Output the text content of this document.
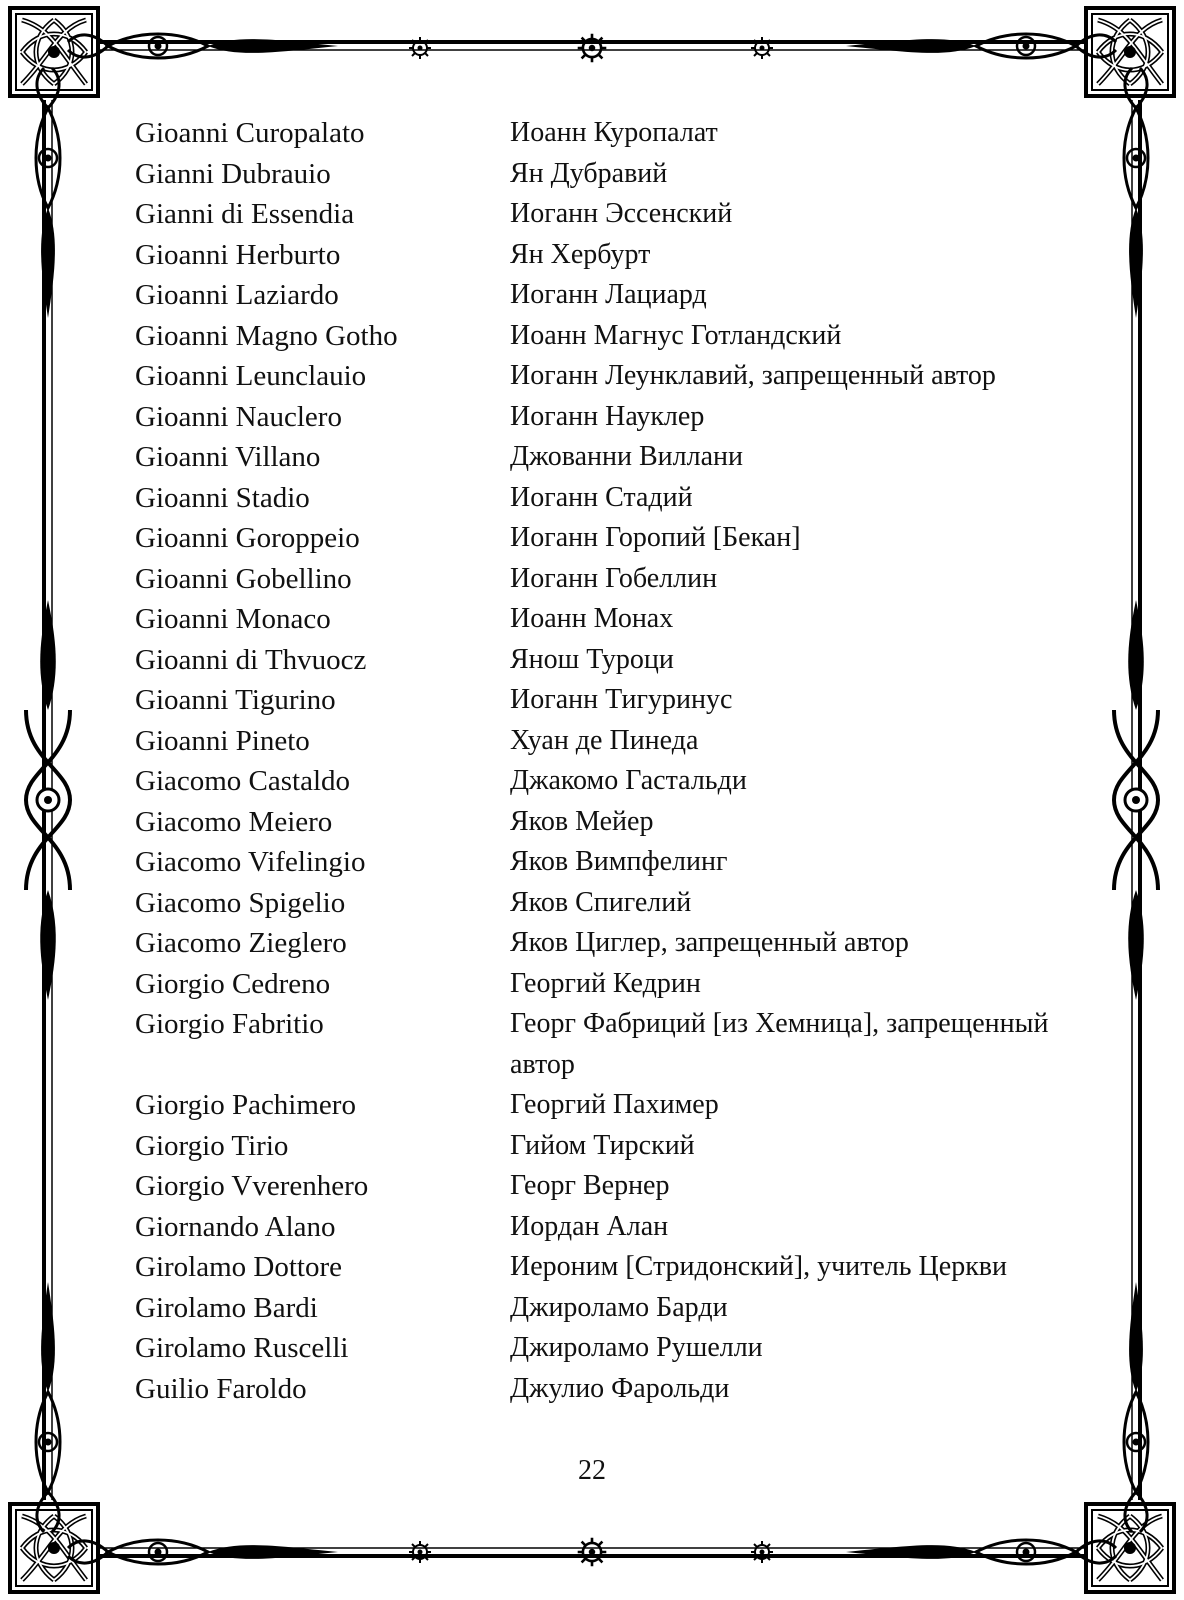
Gioanni Curopalato	Иоанн Куропалат
Gianni Dubrauio	Ян Дубравий
Gianni di Essendia	Иоганн Эссенский
Gioanni Herburto	Ян Хербурт
Gioanni Laziardo	Иоганн Лациард
Gioanni Magno Gotho	Иоанн Магнус Готландский
Gioanni Leunclauio	Иоганн Леунклавий, запрещенный автор
Gioanni Nauclero	Иоганн Науклер
Gioanni Villano	Джованни Виллани
Gioanni Stadio	Иоганн Стадий
Gioanni Goroppeio	Иоганн Горопий [Бекан]
Gioanni Gobellino	Иоганн Гобеллин
Gioanni Monaco	Иоанн Монах
Gioanni di Thvuocz	Янош Туроци
Gioanni Tigurino	Иоганн Тигуринус
Gioanni Pineto	Хуан де Пинеда
Giacomo Castaldo	Джакомо Гастальди
Giacomo Meiero	Яков Мейер
Giacomo Vifelingio	Яков Вимпфелинг
Giacomo Spigelio	Яков Спигелий
Giacomo Zieglero	Яков Циглер, запрещенный автор
Giorgio Cedreno	Георгий Кедрин
Giorgio Fabritio	Георг Фабриций [из Хемница], запрещенный автор
Giorgio Pachimero	Георгий Пахимер
Giorgio Tirio	Гийом Тирский
Giorgio Vverenhero	Георг Вернер
Giornando Alano	Иордан Алан
Girolamo Dottore	Иероним [Стридонский], учитель Церкви
Girolamo Bardi	Джироламо Барди
Girolamo Ruscelli	Джироламо Рушелли
Guilio Faroldo	Джулио Фарольди
22
